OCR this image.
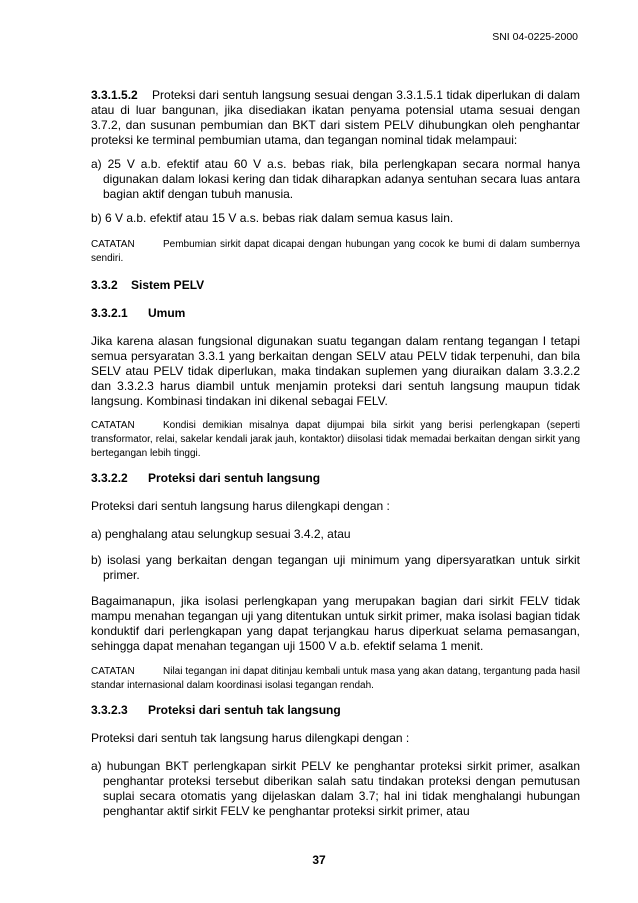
SNI 04-0225-2000

3.3.1.5.2 Proteksi dari sentuh langsung sesuai dengan 3.3.1.5.1 tidak diperlukan di dalam atau di luar bangunan, jika disediakan ikatan penyama potensial utama sesuai dengan 3.7.2, dan susunan pembumian dan BKT dari sistem PELV dihubungkan oleh penghantar proteksi ke terminal pembumian utama, dan tegangan nominal tidak melampaui:

a) 25 V a.b. efektif atau 60 V a.s. bebas riak, bila perlengkapan secara normal hanya digunakan dalam lokasi kering dan tidak diharapkan adanya sentuhan secara luas antara bagian aktif dengan tubuh manusia.

b) 6 V a.b. efektif atau 15 V a.s. bebas riak dalam semua kasus lain.

CATATAN	Pembumian sirkit dapat dicapai dengan hubungan yang cocok ke bumi di dalam sumbernya sendiri.

3.3.2 Sistem PELV

3.3.2.1 Umum

Jika karena alasan fungsional digunakan suatu tegangan dalam rentang tegangan I tetapi semua persyaratan 3.3.1 yang berkaitan dengan SELV atau PELV tidak terpenuhi, dan bila SELV atau PELV tidak diperlukan, maka tindakan suplemen yang diuraikan dalam 3.3.2.2 dan 3.3.2.3 harus diambil untuk menjamin proteksi dari sentuh langsung maupun tidak langsung. Kombinasi tindakan ini dikenal sebagai FELV.

CATATAN	Kondisi demikian misalnya dapat dijumpai bila sirkit yang berisi perlengkapan (seperti transformator, relai, sakelar kendali jarak jauh, kontaktor) diisolasi tidak memadai berkaitan dengan sirkit yang bertegangan lebih tinggi.

3.3.2.2 Proteksi dari sentuh langsung

Proteksi dari sentuh langsung harus dilengkapi dengan :

a) penghalang atau selungkup sesuai 3.4.2, atau

b) isolasi yang berkaitan dengan tegangan uji minimum yang dipersyaratkan untuk sirkit primer.

Bagaimanapun, jika isolasi perlengkapan yang merupakan bagian dari sirkit FELV tidak mampu menahan tegangan uji yang ditentukan untuk sirkit primer, maka isolasi bagian tidak konduktif dari perlengkapan yang dapat terjangkau harus diperkuat selama pemasangan, sehingga dapat menahan tegangan uji 1500 V a.b. efektif selama 1 menit.

CATATAN	Nilai tegangan ini dapat ditinjau kembali untuk masa yang akan datang, tergantung pada hasil standar internasional dalam koordinasi isolasi tegangan rendah.

3.3.2.3 Proteksi dari sentuh tak langsung

Proteksi dari sentuh tak langsung harus dilengkapi dengan :

a) hubungan BKT perlengkapan sirkit PELV ke penghantar proteksi sirkit primer, asalkan penghantar proteksi tersebut diberikan salah satu tindakan proteksi dengan pemutusan suplai secara otomatis yang dijelaskan dalam 3.7; hal ini tidak menghalangi hubungan penghantar aktif sirkit FELV ke penghantar proteksi sirkit primer, atau

37
